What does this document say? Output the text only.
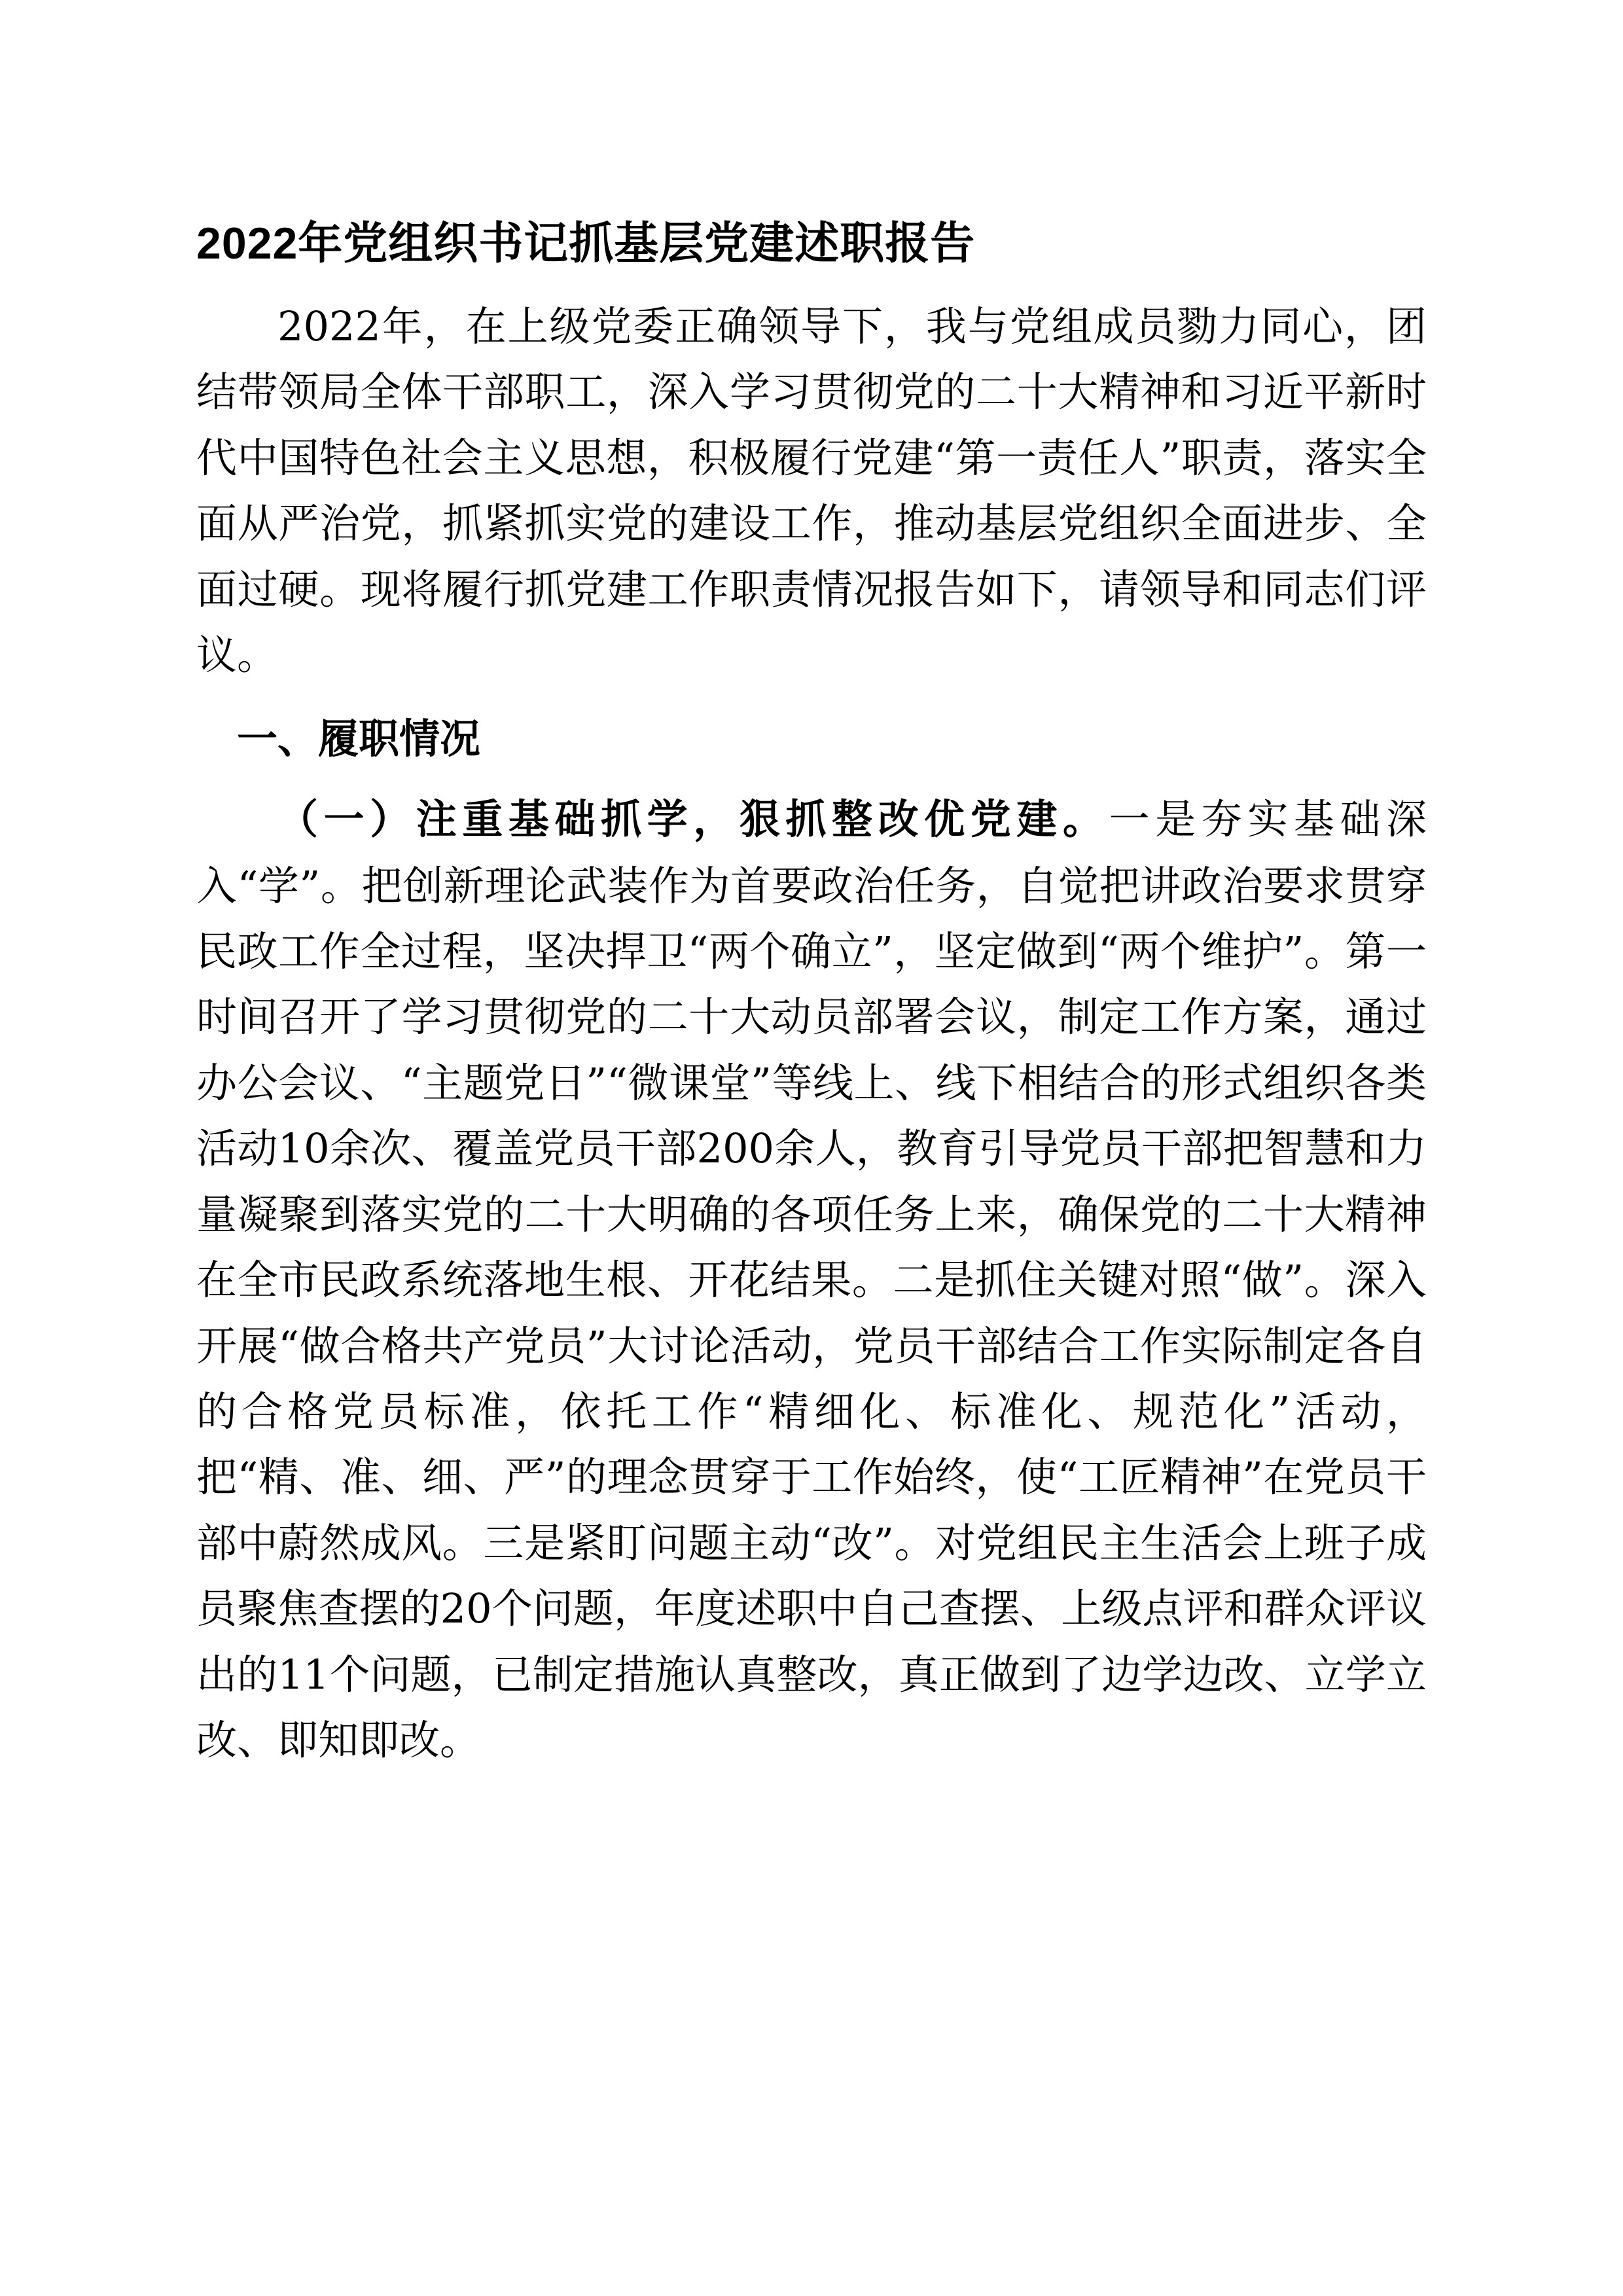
2022年党组织书记抓基层党建述职报告

2022年，在上级党委正确领导下，我与党组成员勠力同心，团结带领局全体干部职工，深入学习贯彻党的二十大精神和习近平新时代中国特色社会主义思想，积极履行党建“第一责任人”职责，落实全面从严治党，抓紧抓实党的建设工作，推动基层党组织全面进步、全面过硬。现将履行抓党建工作职责情况报告如下，请领导和同志们评议。

一、履职情况

（一）注重基础抓学，狠抓整改优党建。一是夯实基础深入“学”。把创新理论武装作为首要政治任务，自觉把讲政治要求贯穿民政工作全过程，坚决捍卫“两个确立”，坚定做到“两个维护”。第一时间召开了学习贯彻党的二十大动员部署会议，制定工作方案，通过办公会议、“主题党日”“微课堂”等线上、线下相结合的形式组织各类活动10余次、覆盖党员干部200余人，教育引导党员干部把智慧和力量凝聚到落实党的二十大明确的各项任务上来，确保党的二十大精神在全市民政系统落地生根、开花结果。二是抓住关键对照“做”。深入开展“做合格共产党员”大讨论活动，党员干部结合工作实际制定各自的合格党员标准，依托工作“精细化、标准化、规范化”活动，把“精、准、细、严”的理念贯穿于工作始终，使“工匠精神”在党员干部中蔚然成风。三是紧盯问题主动“改”。对党组民主生活会上班子成员聚焦查摆的20个问题，年度述职中自己查摆、上级点评和群众评议出的11个问题，已制定措施认真整改，真正做到了边学边改、立学立改、即知即改。
